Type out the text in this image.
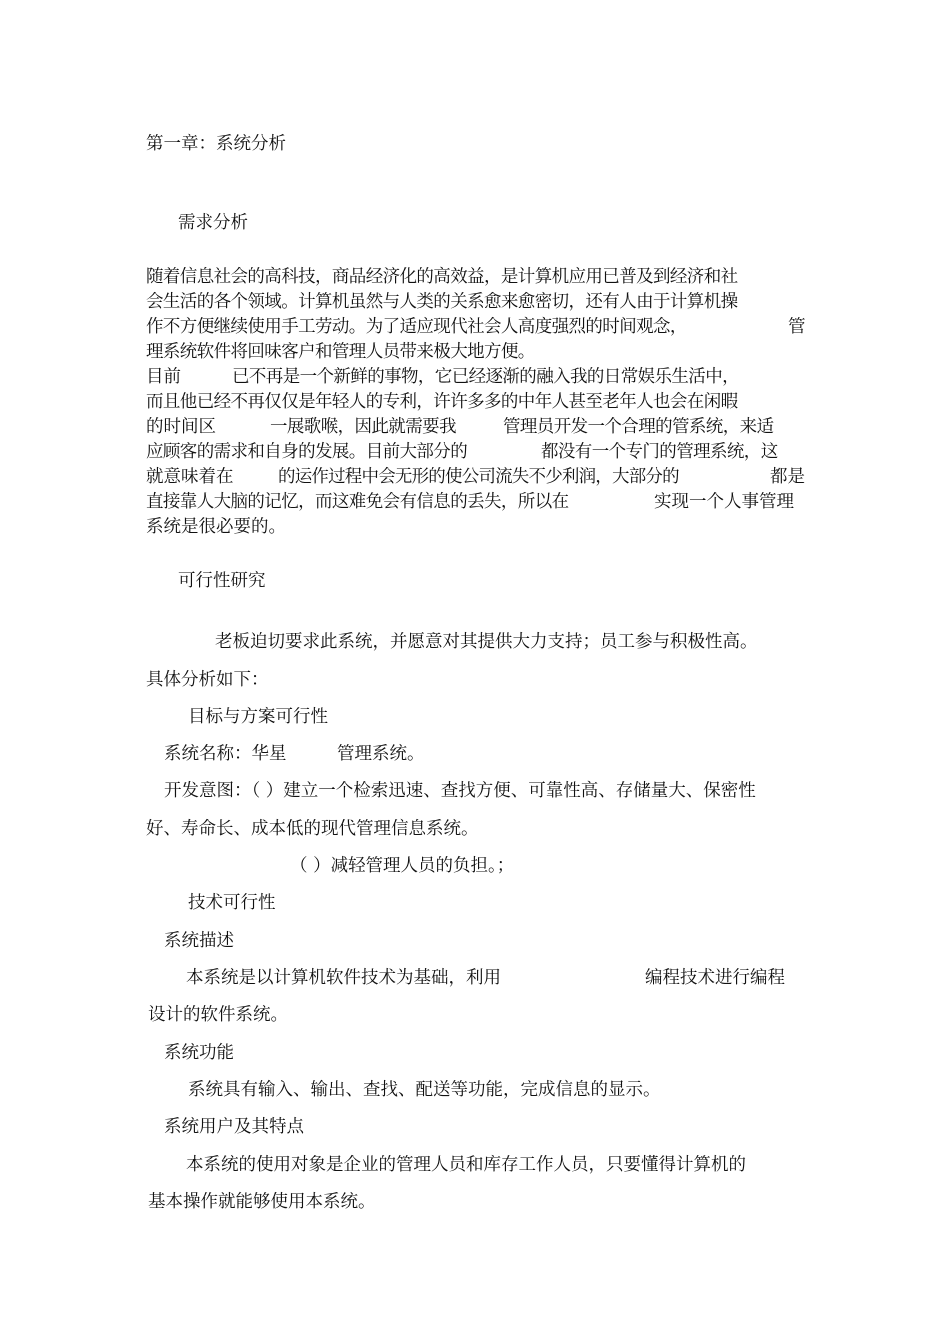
第一章：系统分析
需求分析
随着信息社会的高科技，商品经济化的高效益，是计算机应用已普及到经济和社
会生活的各个领域。计算机虽然与人类的关系愈来愈密切，还有人由于计算机操
作不方便继续使用手工劳动。为了适应现代社会人高度强烈的时间观念，	管
理系统软件将回味客户和管理人员带来极大地方便。
目前	已不再是一个新鲜的事物，它已经逐渐的融入我的日常娱乐生活中，
而且他已经不再仅仅是年轻人的专利，许许多多的中年人甚至老年人也会在闲暇
的时间区	一展歌喉，因此就需要我	管理员开发一个合理的管系统，来适
应顾客的需求和自身的发展。目前大部分的	都没有一个专门的管理系统，这
就意味着在	的运作过程中会无形的使公司流失不少利润，大部分的	都是
直接靠人大脑的记忆，而这难免会有信息的丢失，所以在	实现一个人事管理
系统是很必要的。
可行性研究
老板迫切要求此系统，并愿意对其提供大力支持；员工参与积极性高。
具体分析如下：
目标与方案可行性
系统名称：华星	管理系统。
开发意图：（ ）建立一个检索迅速、查找方便、可靠性高、存储量大、保密性
好、寿命长、成本低的现代管理信息系统。
（ ）减轻管理人员的负担。；
技术可行性
系统描述
本系统是以计算机软件技术为基础，利用	编程技术进行编程
设计的软件系统。
系统功能
系统具有输入、输出、查找、配送等功能，完成信息的显示。
系统用户及其特点
本系统的使用对象是企业的管理人员和库存工作人员，只要懂得计算机的
基本操作就能够使用本系统。
